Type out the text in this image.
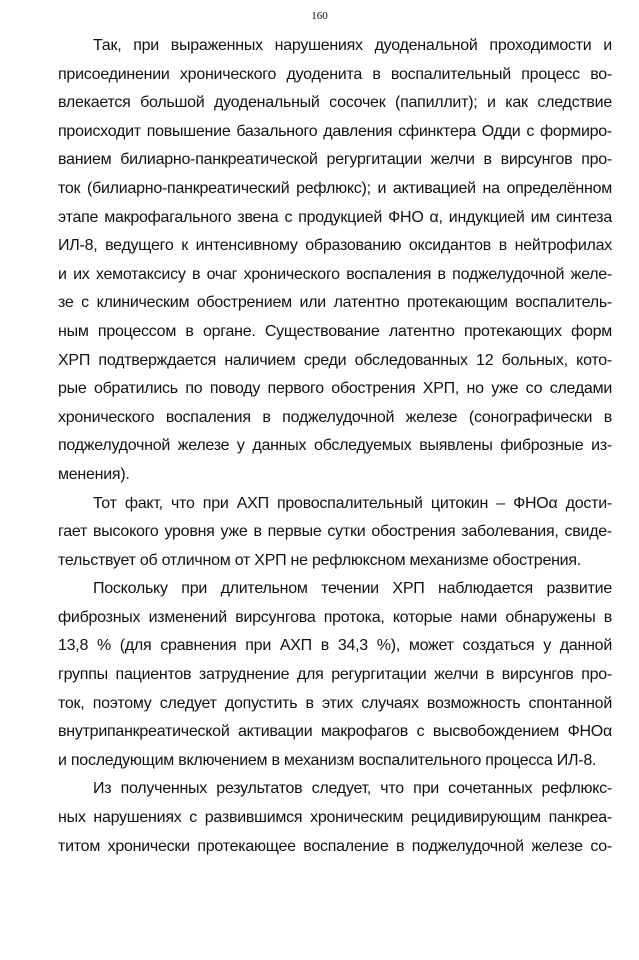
160
Так, при выраженных нарушениях дуоденальной проходимости и
присоединении хронического дуоденита в воспалительный процесс во-
влекается большой дуоденальный сосочек (папиллит); и как следствие
происходит повышение базального давления сфинктера Одди с формиро-
ванием билиарно-панкреатической регургитации желчи в вирсунгов про-
ток (билиарно-панкреатический рефлюкс); и активацией на определённом
этапе макрофагального звена с продукцией ФНО α, индукцией им синтеза
ИЛ-8, ведущего к интенсивному образованию оксидантов в нейтрофилах
и их хемотаксису в очаг хронического воспаления в поджелудочной желе-
зе с клиническим обострением или латентно протекающим воспалитель-
ным процессом в органе. Существование латентно протекающих форм
ХРП подтверждается наличием среди обследованных 12 больных, кото-
рые обратились по поводу первого обострения ХРП, но уже со следами
хронического воспаления в поджелудочной железе (сонографически в
поджелудочной железе у данных обследуемых выявлены фиброзные из-
менения).
Тот факт, что при АХП провоспалительный цитокин – ФНОα дости-
гает высокого уровня уже в первые сутки обострения заболевания, свиде-
тельствует об отличном от ХРП не рефлюксном механизме обострения.
Поскольку при длительном течении ХРП наблюдается развитие
фиброзных изменений вирсунгова протока, которые нами обнаружены в
13,8 % (для сравнения при АХП в 34,3 %), может создаться у данной
группы пациентов затруднение для регургитации желчи в вирсунгов про-
ток, поэтому следует допустить в этих случаях возможность спонтанной
внутрипанкреатической активации макрофагов с высвобождением ФНОα
и последующим включением в механизм воспалительного процесса ИЛ-8.
Из полученных результатов следует, что при сочетанных рефлюкс-
ных нарушениях с развившимся хроническим рецидивирующим панкреа-
титом хронически протекающее воспаление в поджелудочной железе со-
